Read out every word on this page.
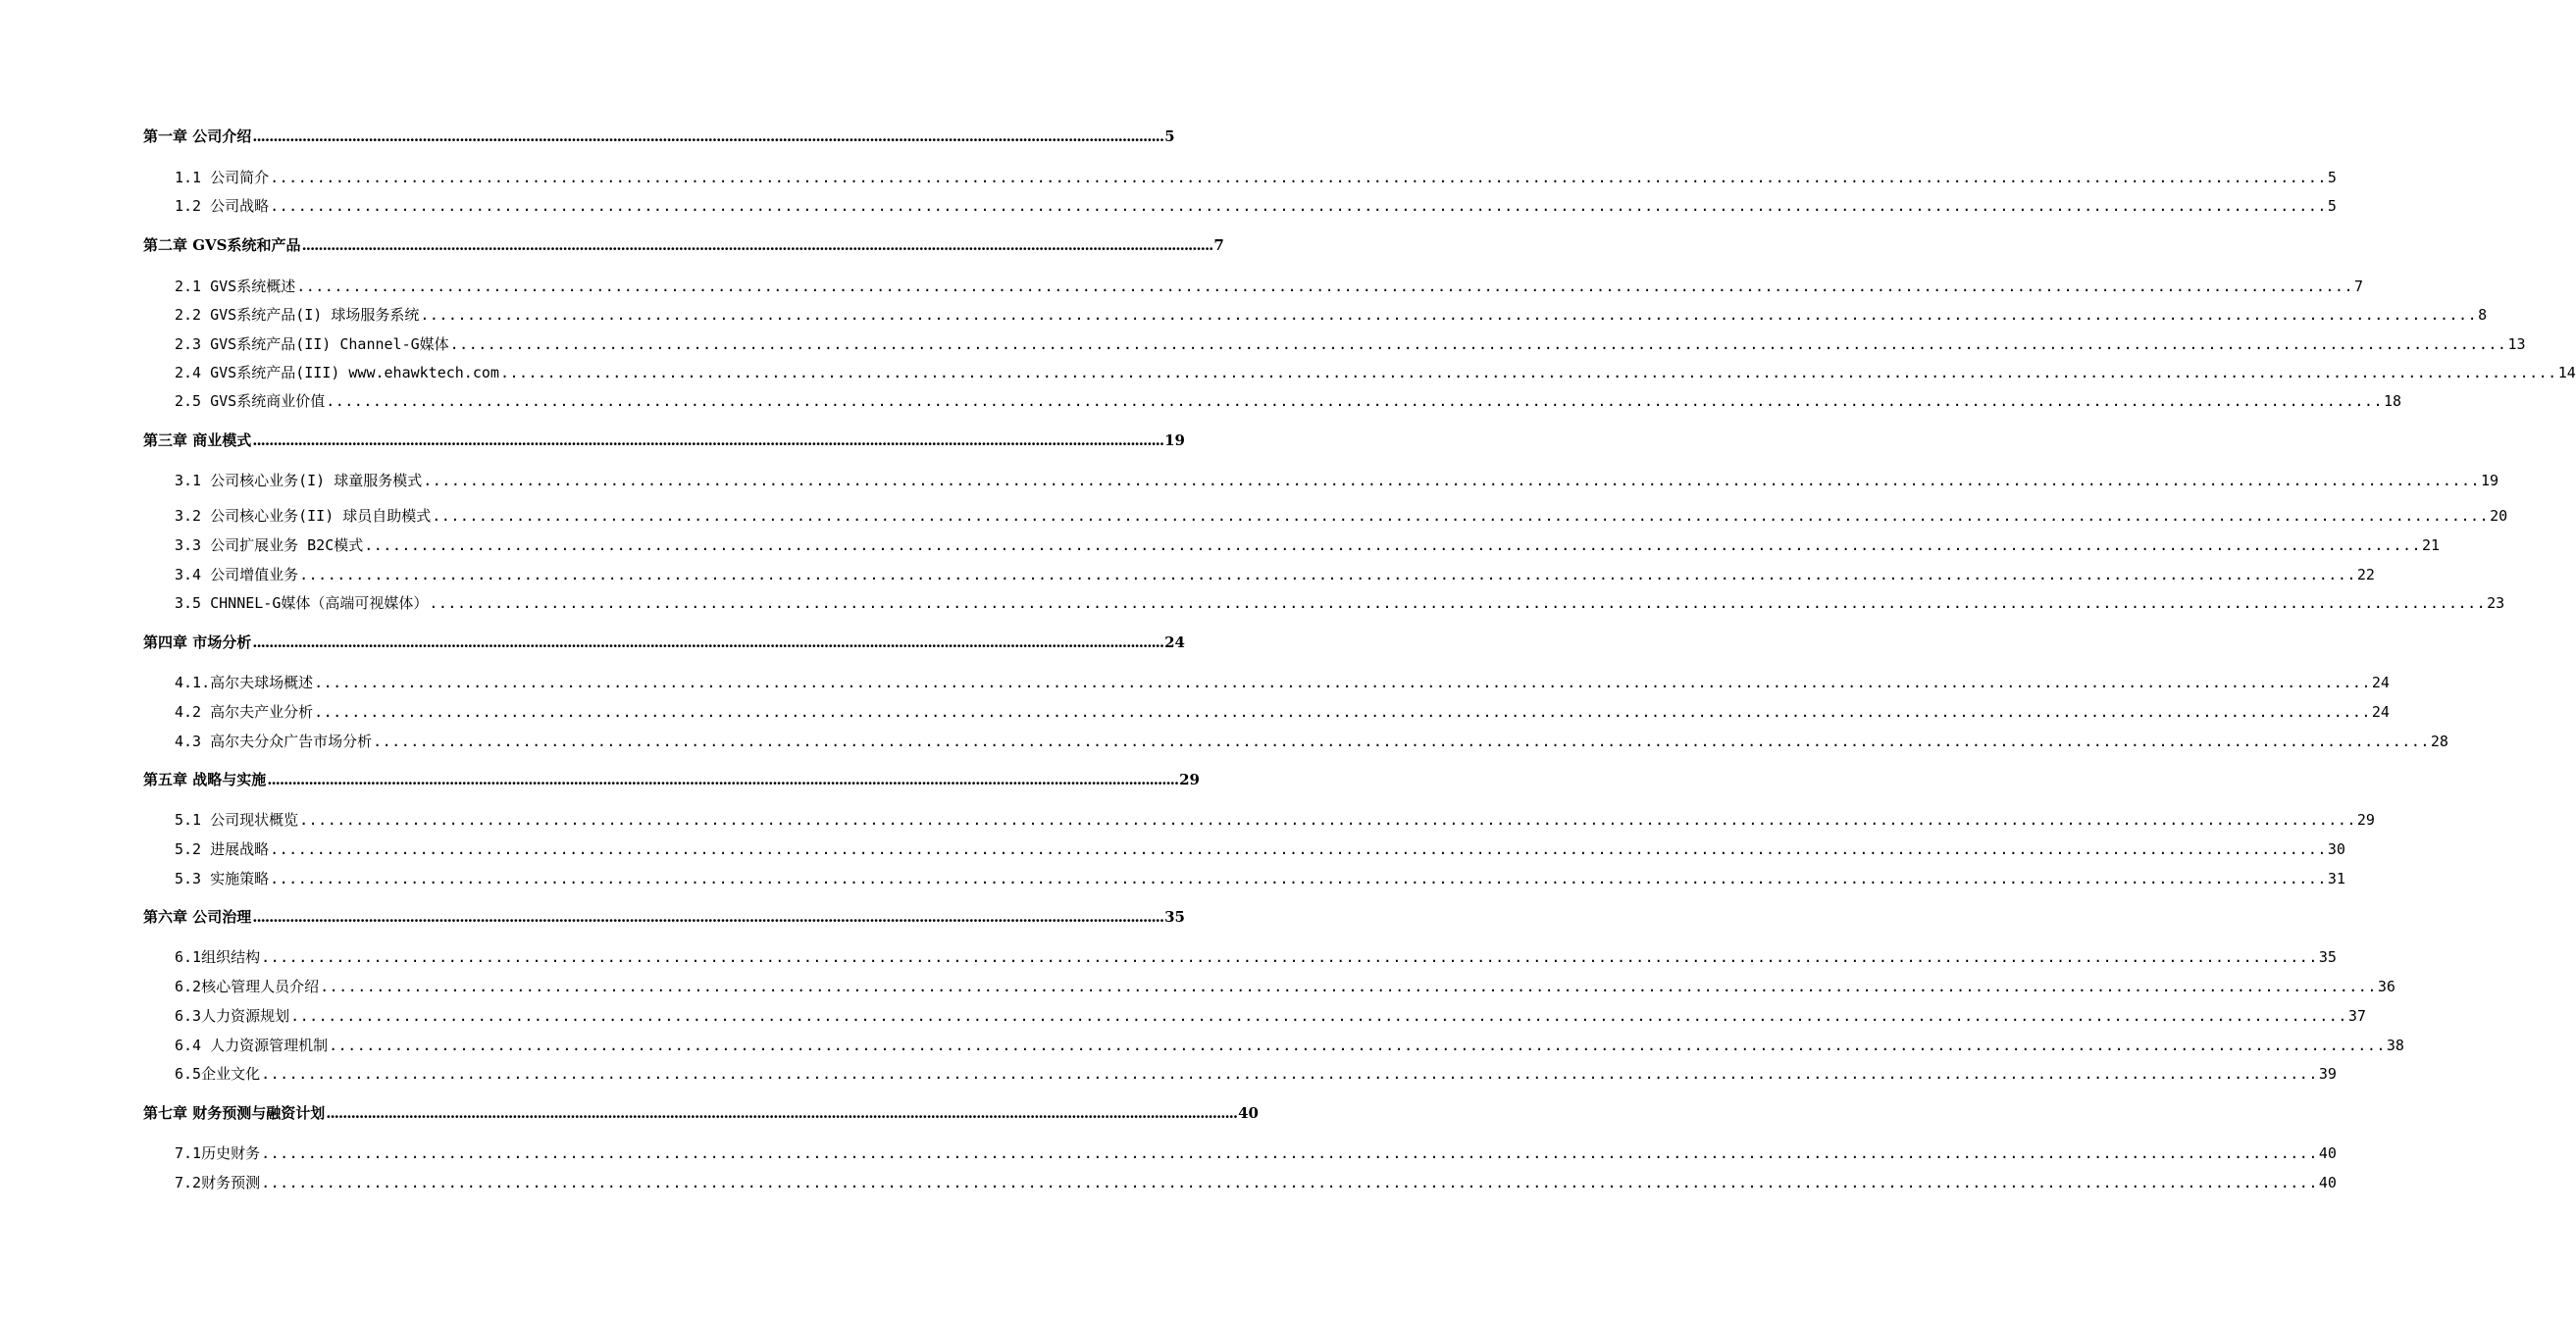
第一章 公司介绍 ............................................................................................................................................................................................................................ 5
1.1 公司简介 ............................................................................................................................................................................................................................ 5
1.2 公司战略 ............................................................................................................................................................................................................................ 5
第二章 GVS系统和产品 ............................................................................................................................................................................................................................ 7
2.1 GVS系统概述 ............................................................................................................................................................................................................................ 7
2.2 GVS系统产品(I) 球场服务系统 ............................................................................................................................................................................................................................ 8
2.3 GVS系统产品(II) Channel-G媒体 ............................................................................................................................................................................................................................ 13
2.4 GVS系统产品(III) www.ehawktech.com ............................................................................................................................................................................................................................ 14
2.5 GVS系统商业价值 ............................................................................................................................................................................................................................ 18
第三章 商业模式 ............................................................................................................................................................................................................................ 19
3.1 公司核心业务(I) 球童服务模式 ............................................................................................................................................................................................................................ 19
3.2 公司核心业务(II) 球员自助模式 ............................................................................................................................................................................................................................ 20
3.3 公司扩展业务 B2C模式 ............................................................................................................................................................................................................................ 21
3.4 公司增值业务 ............................................................................................................................................................................................................................ 22
3.5 CHNNEL-G媒体（高端可视媒体） ............................................................................................................................................................................................................................ 23
第四章 市场分析 ............................................................................................................................................................................................................................ 24
4.1.高尔夫球场概述 ............................................................................................................................................................................................................................ 24
4.2 高尔夫产业分析 ............................................................................................................................................................................................................................ 24
4.3 高尔夫分众广告市场分析 ............................................................................................................................................................................................................................ 28
第五章 战略与实施 ............................................................................................................................................................................................................................ 29
5.1 公司现状概览 ............................................................................................................................................................................................................................ 29
5.2 进展战略 ............................................................................................................................................................................................................................ 30
5.3 实施策略 ............................................................................................................................................................................................................................ 31
第六章 公司治理 ............................................................................................................................................................................................................................ 35
6.1组织结构 ............................................................................................................................................................................................................................ 35
6.2核心管理人员介绍 ............................................................................................................................................................................................................................ 36
6.3人力资源规划 ............................................................................................................................................................................................................................ 37
6.4 人力资源管理机制 ............................................................................................................................................................................................................................ 38
6.5企业文化 ............................................................................................................................................................................................................................ 39
第七章 财务预测与融资计划 ............................................................................................................................................................................................................................ 40
7.1历史财务 ............................................................................................................................................................................................................................ 40
7.2财务预测 ............................................................................................................................................................................................................................ 40
